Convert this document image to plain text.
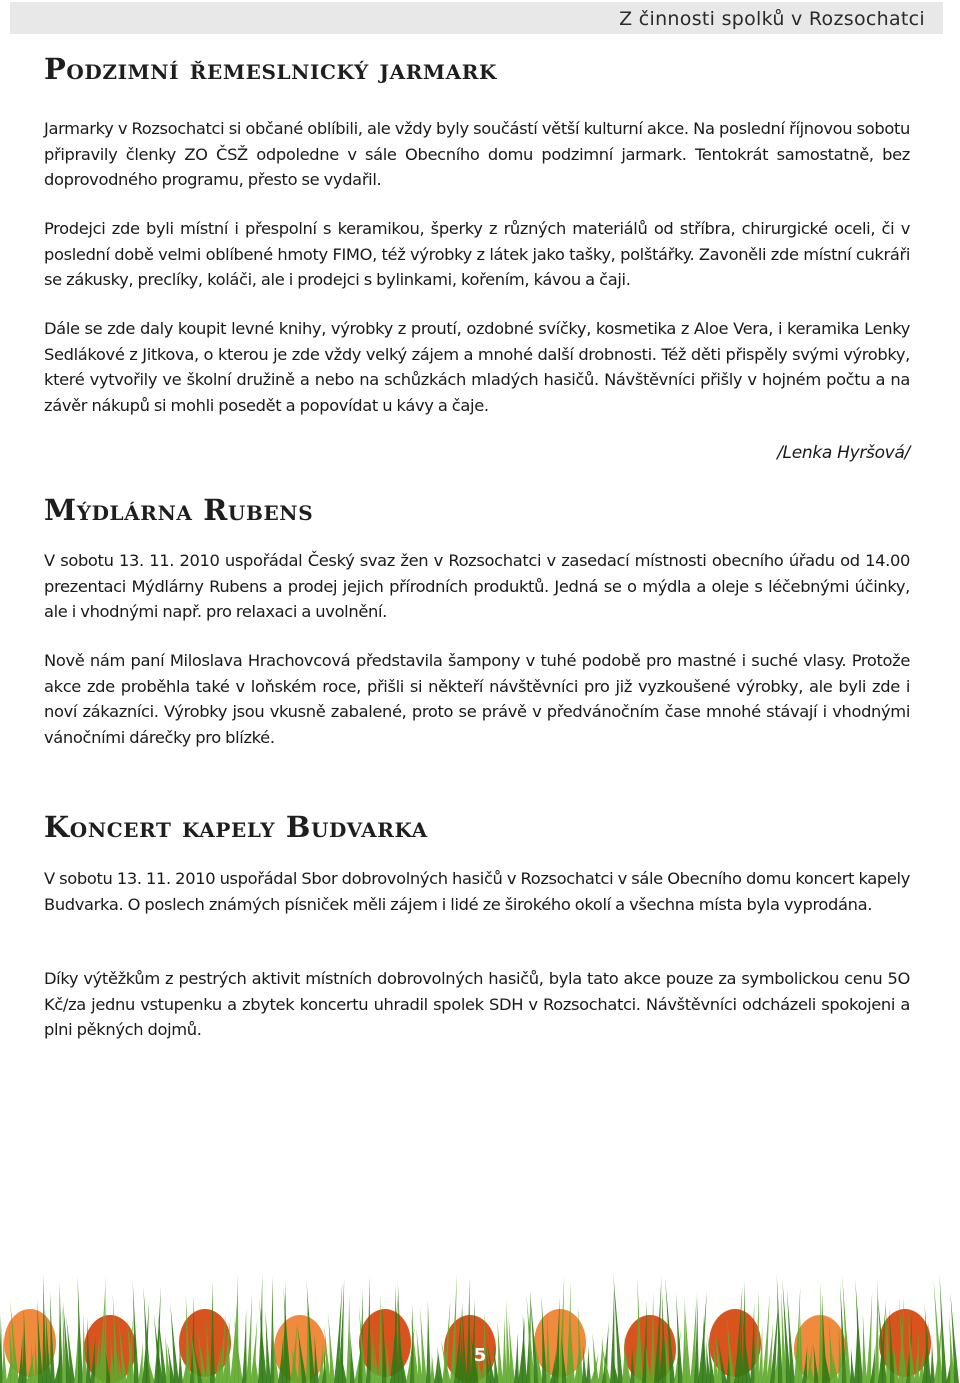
Z činnosti spolků v Rozsochatci
Podzimní řemeslnický jarmark

Jarmarky v Rozsochatci si občané oblíbili, ale vždy byly součástí větší kulturní akce. Na poslední říjnovou sobotu připravily členky ZO ČSŽ odpoledne v sále Obecního domu podzimní jarmark. Tentokrát samostatně, bez doprovodného programu, přesto se vydařil.

Prodejci zde byli místní i přespolní s keramikou, šperky z různých materiálů od stříbra, chirurgické oceli, či v poslední době velmi oblíbené hmoty FIMO, též výrobky z látek jako tašky, polštářky. Zavoněli zde místní cukráři se zákusky, preclíky, koláči, ale i prodejci s bylinkami, kořením, kávou a čaji.

Dále se zde daly koupit levné knihy, výrobky z proutí, ozdobné svíčky, kosmetika z Aloe Vera, i keramika Lenky Sedlákové z Jitkova, o kterou je zde vždy velký zájem a mnohé další drobnosti. Též děti přispěly svými výrobky, které vytvořily ve školní družině a nebo na schůzkách mladých hasičů. Návštěvníci přišly v hojném počtu a na závěr nákupů si mohli posedět a popovídat u kávy a čaje.

/Lenka Hyršová/
Mýdlárna Rubens

V sobotu 13. 11. 2010 uspořádal Český svaz žen v Rozsochatci v zasedací místnosti obecního úřadu od 14.00 prezentaci Mýdlárny Rubens a prodej jejich přírodních produktů. Jedná se o mýdla a oleje s léčebnými účinky, ale i vhodnými např. pro relaxaci a uvolnění.

Nově nám paní Miloslava Hrachovcová představila šampony v tuhé podobě pro mastné i suché vlasy. Protože akce zde proběhla také v loňském roce, přišli si někteří návštěvníci pro již vyzkoušené výrobky, ale byli zde i noví zákazníci. Výrobky jsou vkusně zabalené, proto se právě v předvánočním čase mnohé stávají i vhodnými vánočními dárečky pro blízké.

Koncert kapely Budvarka

V sobotu 13. 11. 2010 uspořádal Sbor dobrovolných hasičů v Rozsochatci v sále Obecního domu koncert kapely Budvarka. O poslech známých písniček měli zájem i lidé ze širokého okolí a všechna místa byla vyprodána.

Díky výtěžkům z pestrých aktivit místních dobrovolných hasičů, byla tato akce pouze za symbolickou cenu 5O Kč/za jednu vstupenku a zbytek koncertu uhradil spolek SDH v Rozsochatci. Návštěvníci odcházeli spokojeni a plni pěkných dojmů.

5
